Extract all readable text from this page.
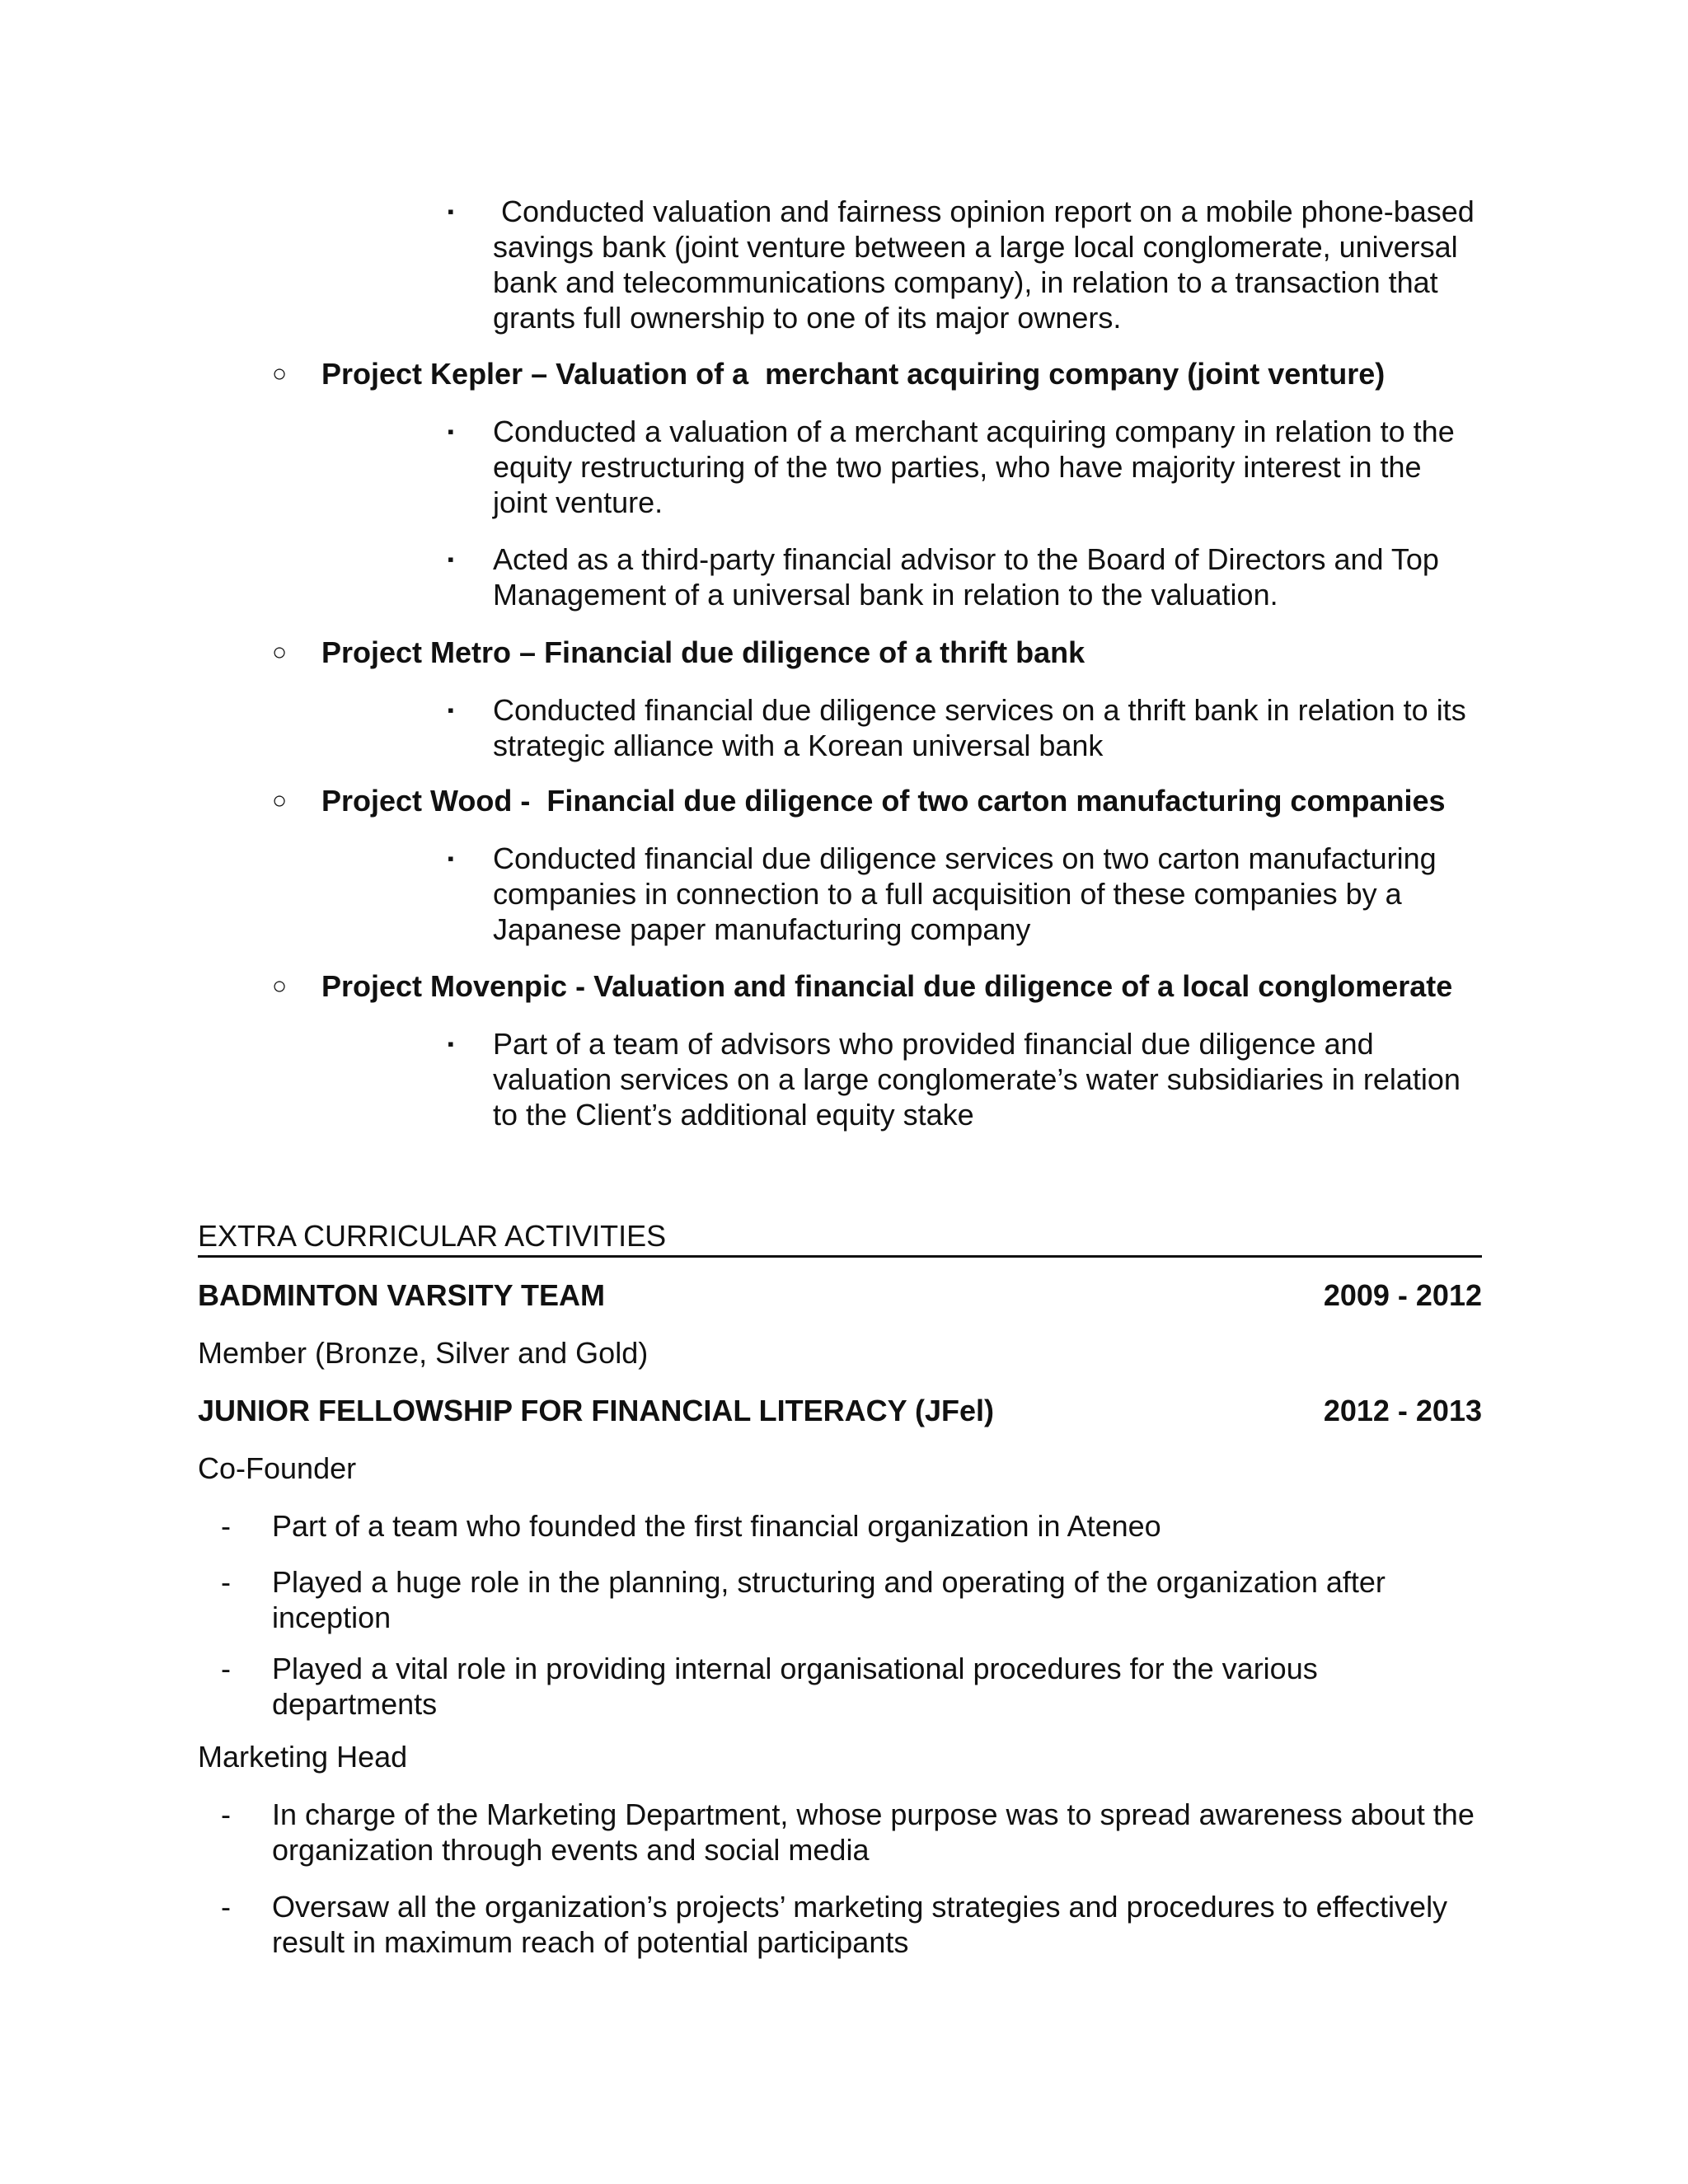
▪	Conducted valuation and fairness opinion report on a mobile phone-based savings bank (joint venture between a large local conglomerate, universal bank and telecommunications company), in relation to a transaction that grants full ownership to one of its major owners.
○ Project Kepler – Valuation of a  merchant acquiring company (joint venture)
▪	Conducted a valuation of a merchant acquiring company in relation to the equity restructuring of the two parties, who have majority interest in the joint venture.
▪	Acted as a third-party financial advisor to the Board of Directors and Top Management of a universal bank in relation to the valuation.
○ Project Metro – Financial due diligence of a thrift bank
▪	Conducted financial due diligence services on a thrift bank in relation to its strategic alliance with a Korean universal bank
○ Project Wood -  Financial due diligence of two carton manufacturing companies
▪	Conducted financial due diligence services on two carton manufacturing companies in connection to a full acquisition of these companies by a Japanese paper manufacturing company
○ Project Movenpic - Valuation and financial due diligence of a local conglomerate
▪	Part of a team of advisors who provided financial due diligence and valuation services on a large conglomerate’s water subsidiaries in relation to the Client’s additional equity stake
EXTRA CURRICULAR ACTIVITIES
BADMINTON VARSITY TEAM	2009 - 2012
Member (Bronze, Silver and Gold)
JUNIOR FELLOWSHIP FOR FINANCIAL LITERACY (JFel)	2012 - 2013
Co-Founder
- Part of a team who founded the first financial organization in Ateneo
- Played a huge role in the planning, structuring and operating of the organization after inception
- Played a vital role in providing internal organisational procedures for the various departments
Marketing Head
- In charge of the Marketing Department, whose purpose was to spread awareness about the organization through events and social media
- Oversaw all the organization’s projects’ marketing strategies and procedures to effectively result in maximum reach of potential participants
